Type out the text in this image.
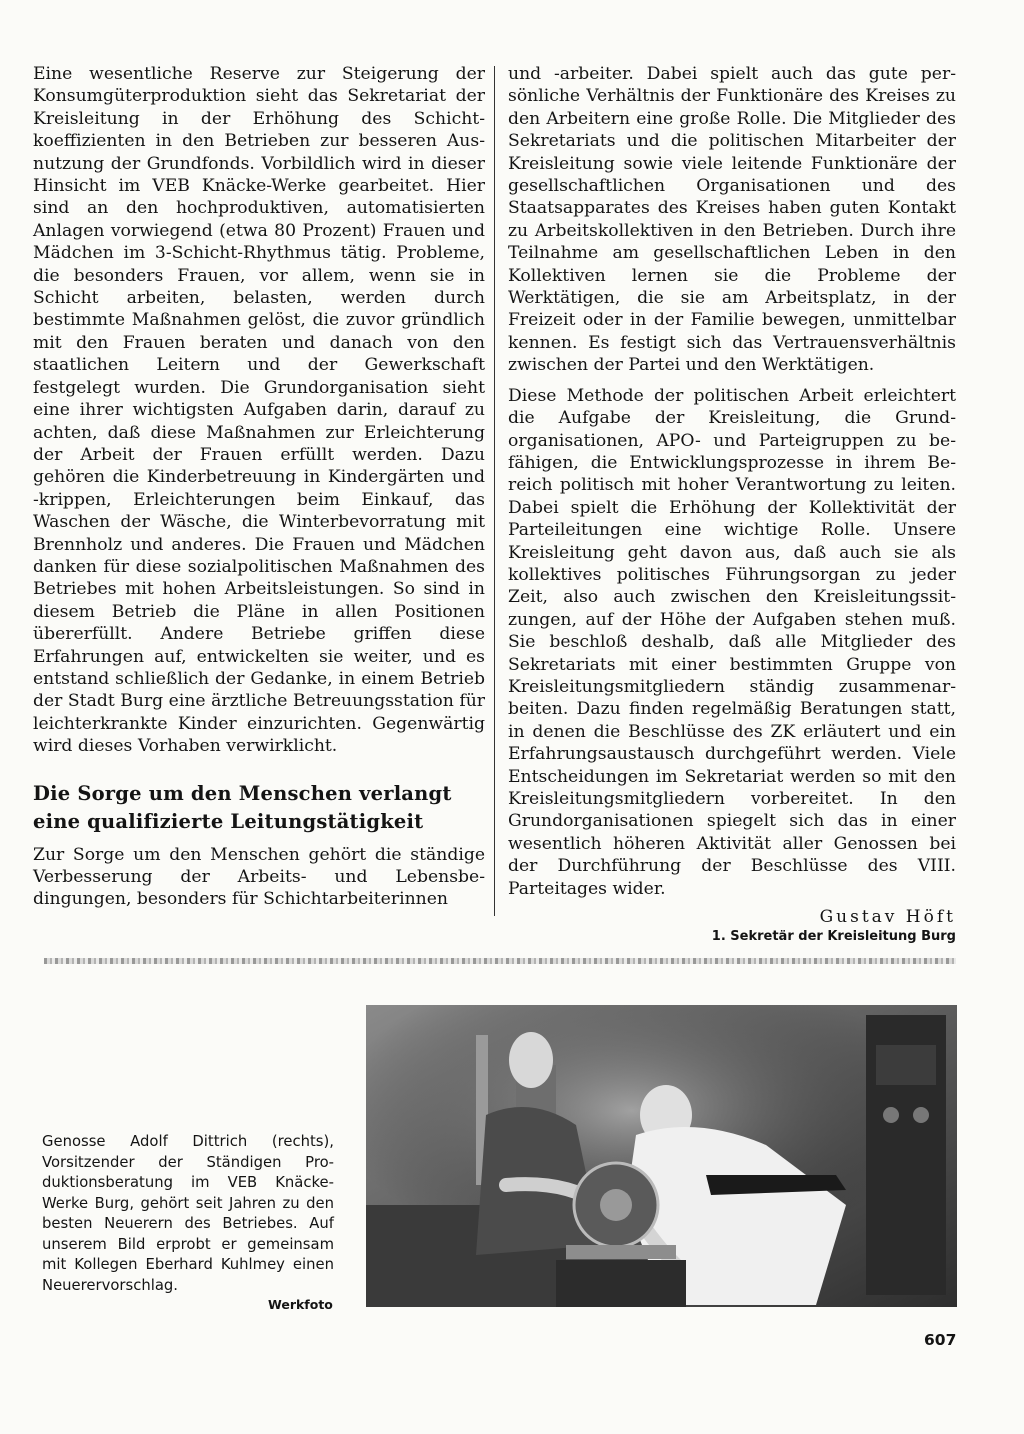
Eine wesentliche Reserve zur Steigerung der Konsumgüterproduktion sieht das Sekretariat der Kreisleitung in der Erhöhung des Schichtkoeffizienten in den Betrieben zur besseren Ausnutzung der Grundfonds. Vorbildlich wird in dieser Hinsicht im VEB Knäcke-Werke gearbeitet. Hier sind an den hochproduktiven, automatisierten Anlagen vorwiegend (etwa 80 Prozent) Frauen und Mädchen im 3-Schicht-Rhythmus tätig. Probleme, die besonders Frauen, vor allem, wenn sie in Schicht arbeiten, belasten, werden durch bestimmte Maßnahmen gelöst, die zuvor gründlich mit den Frauen beraten und danach von den staatlichen Leitern und der Gewerkschaft festgelegt wurden. Die Grundorganisation sieht eine ihrer wichtigsten Aufgaben darin, darauf zu achten, daß diese Maßnahmen zur Erleichterung der Arbeit der Frauen erfüllt werden. Dazu gehören die Kinderbetreuung in Kindergärten und -krippen, Erleichterungen beim Einkauf, das Waschen der Wäsche, die Winterbevorratung mit Brennholz und anderes. Die Frauen und Mädchen danken für diese sozialpolitischen Maßnahmen des Betriebes mit hohen Arbeitsleistungen. So sind in diesem Betrieb die Pläne in allen Positionen übererfüllt. Andere Betriebe griffen diese Erfahrungen auf, entwickelten sie weiter, und es entstand schließlich der Gedanke, in einem Betrieb der Stadt Burg eine ärztliche Betreuungsstation für leichterkrankte Kinder einzurichten. Gegenwärtig wird dieses Vorhaben verwirklicht.

Die Sorge um den Menschen verlangt eine qualifizierte Leitungstätigkeit

Zur Sorge um den Menschen gehört die ständige Verbesserung der Arbeits- und Lebensbedingungen, besonders für Schichtarbeiterinnen

und -arbeiter. Dabei spielt auch das gute persönliche Verhältnis der Funktionäre des Kreises zu den Arbeitern eine große Rolle. Die Mitglieder des Sekretariats und die politischen Mitarbeiter der Kreisleitung sowie viele leitende Funktionäre der gesellschaftlichen Organisationen und des Staatsapparates des Kreises haben guten Kontakt zu Arbeitskollektiven in den Betrieben. Durch ihre Teilnahme am gesellschaftlichen Leben in den Kollektiven lernen sie die Probleme der Werktätigen, die sie am Arbeitsplatz, in der Freizeit oder in der Familie bewegen, unmittelbar kennen. Es festigt sich das Vertrauensverhältnis zwischen der Partei und den Werktätigen.

Diese Methode der politischen Arbeit erleichtert die Aufgabe der Kreisleitung, die Grundorganisationen, APO- und Parteigruppen zu befähigen, die Entwicklungsprozesse in ihrem Bereich politisch mit hoher Verantwortung zu leiten. Dabei spielt die Erhöhung der Kollektivität der Parteileitungen eine wichtige Rolle. Unsere Kreisleitung geht davon aus, daß auch sie als kollektives politisches Führungsorgan zu jeder Zeit, also auch zwischen den Kreisleitungssitzungen, auf der Höhe der Aufgaben stehen muß. Sie beschloß deshalb, daß alle Mitglieder des Sekretariats mit einer bestimmten Gruppe von Kreisleitungsmitgliedern ständig zusammenarbeiten. Dazu finden regelmäßig Beratungen statt, in denen die Beschlüsse des ZK erläutert und ein Erfahrungsaustausch durchgeführt werden. Viele Entscheidungen im Sekretariat werden so mit den Kreisleitungsmitgliedern vorbereitet. In den Grundorganisationen spiegelt sich das in einer wesentlich höheren Aktivität aller Genossen bei der Durchführung der Beschlüsse des VIII. Parteitages wider.

Gustav Höft
1. Sekretär der Kreisleitung Burg

Genosse Adolf Dittrich (rechts), Vorsitzender der Ständigen Produktionsberatung im VEB Knäcke-Werke Burg, gehört seit Jahren zu den besten Neuerern des Betriebes. Auf unserem Bild erprobt er gemeinsam mit Kollegen Eberhard Kuhlmey einen Neuerervorschlag.

Werkfoto
607
